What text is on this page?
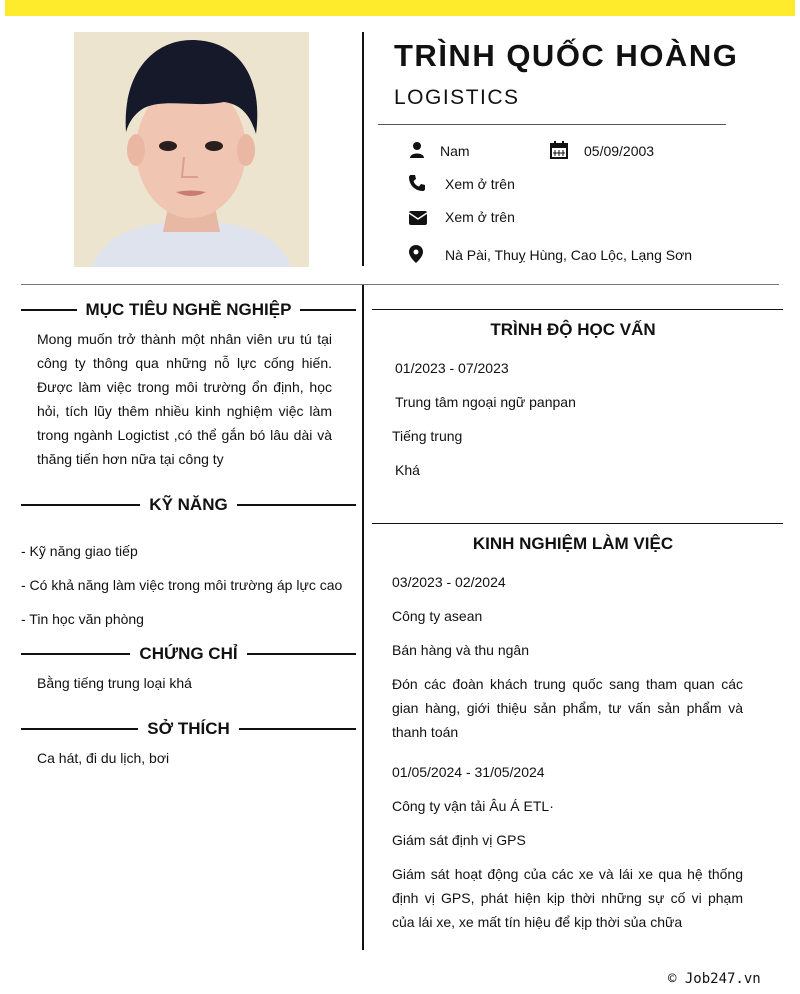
TRÌNH QUỐC HOÀNG
LOGISTICS
Nam	05/09/2003
Xem ở trên
Xem ở trên
Nà Pài, Thuỵ Hùng, Cao Lộc, Lạng Sơn
MỤC TIÊU NGHỀ NGHIỆP
Mong muốn trở thành một nhân viên ưu tú tại công ty thông qua những nỗ lực cống hiến. Được làm việc trong môi trường ổn định, học hỏi, tích lũy thêm nhiều kinh nghiệm việc làm trong ngành Logictist ,có thể gắn bó lâu dài và thăng tiến hơn nữa tại công ty
KỸ NĂNG
- Kỹ năng giao tiếp
- Có khả năng làm việc trong môi trường áp lực cao
- Tin học văn phòng
CHỨNG CHỈ
Bằng tiếng trung loại khá
SỞ THÍCH
Ca hát, đi du lịch, bơi
TRÌNH ĐỘ HỌC VẤN
01/2023 - 07/2023
Trung tâm ngoại ngữ panpan
Tiếng trung
Khá
KINH NGHIỆM LÀM VIỆC
03/2023 - 02/2024
Công ty asean
Bán hàng và thu ngân
Đón các đoàn khách trung quốc sang tham quan các gian hàng, giới thiệu sản phẩm, tư vấn sản phẩm và thanh toán
01/05/2024 - 31/05/2024
Công ty vận tải Âu Á ETL·
Giám sát định vị GPS
Giám sát hoạt động của các xe và lái xe qua hệ thống định vị GPS, phát hiện kịp thời những sự cố vi phạm của lái xe, xe mất tín hiệu để kịp thời sủa chữa
© Job247.vn
